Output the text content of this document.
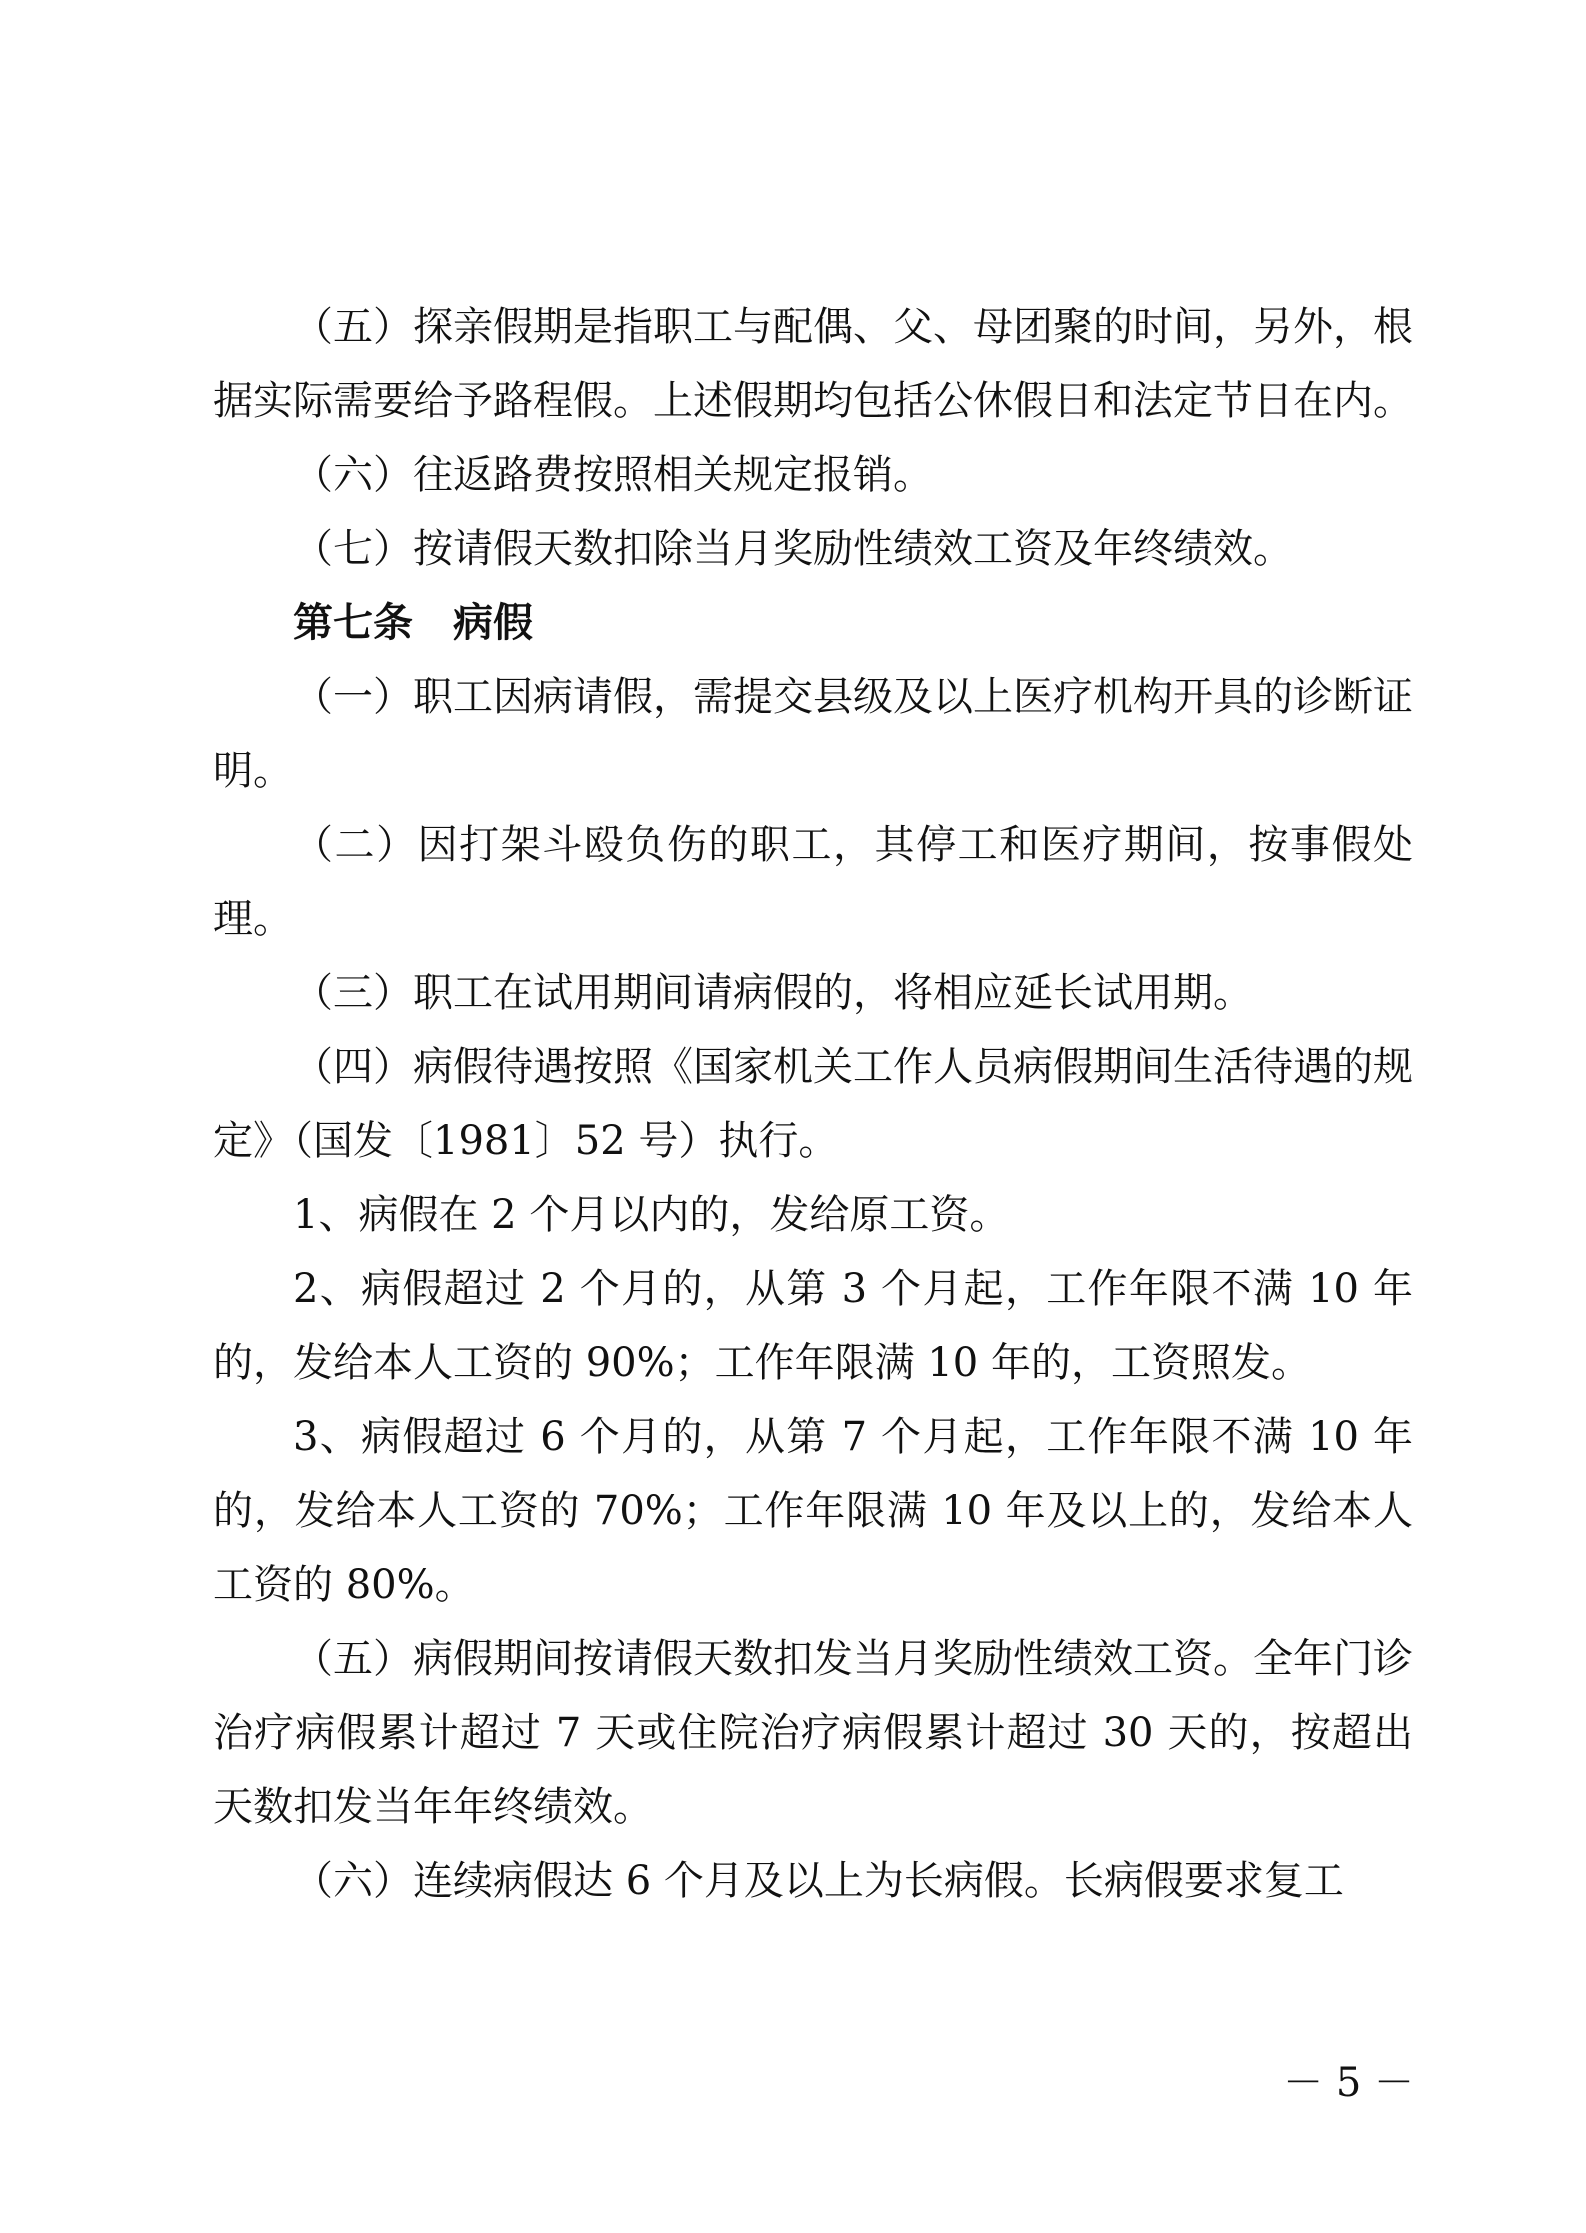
（五）探亲假期是指职工与配偶、父、母团聚的时间，另外，根据实际需要给予路程假。上述假期均包括公休假日和法定节日在内。

（六）往返路费按照相关规定报销。

（七）按请假天数扣除当月奖励性绩效工资及年终绩效。

第七条 病假

（一）职工因病请假，需提交县级及以上医疗机构开具的诊断证明。

（二）因打架斗殴负伤的职工，其停工和医疗期间，按事假处理。

（三）职工在试用期间请病假的，将相应延长试用期。

（四）病假待遇按照《国家机关工作人员病假期间生活待遇的规定》（国发〔1981〕52 号）执行。

1、病假在 2 个月以内的，发给原工资。

2、病假超过 2 个月的，从第 3 个月起，工作年限不满 10 年的，发给本人工资的 90%；工作年限满 10 年的，工资照发。

3、病假超过 6 个月的，从第 7 个月起，工作年限不满 10 年的，发给本人工资的 70%；工作年限满 10 年及以上的，发给本人工资的 80%。

（五）病假期间按请假天数扣发当月奖励性绩效工资。全年门诊治疗病假累计超过 7 天或住院治疗病假累计超过 30 天的，按超出天数扣发当年年终绩效。

（六）连续病假达 6 个月及以上为长病假。长病假要求复工

－ 5 －
